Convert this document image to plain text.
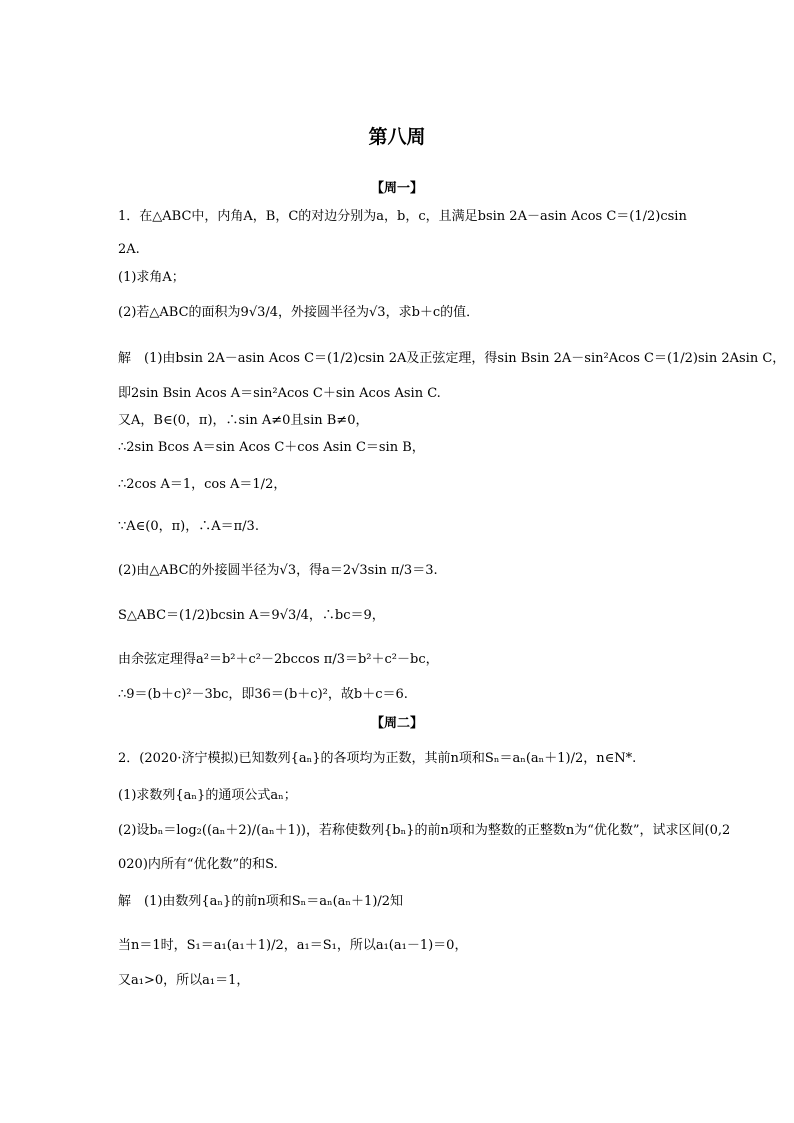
第八周
【周一】
1．在△ABC中，内角A，B，C的对边分别为a，b，c，且满足bsin 2A－asin Acos C＝(1/2)csin
2A.
(1)求角A；
(2)若△ABC的面积为9√3/4，外接圆半径为√3，求b＋c的值．
解　(1)由bsin 2A－asin Acos C＝(1/2)csin 2A及正弦定理，得sin Bsin 2A－sin²Acos C＝(1/2)sin 2Asin C，
即2sin Bsin Acos A＝sin²Acos C＋sin Acos Asin C.
又A，B∈(0，π)，∴sin A≠0且sin B≠0，
∴2sin Bcos A＝sin Acos C＋cos Asin C＝sin B，
∴2cos A＝1，cos A＝1/2，
∵A∈(0，π)，∴A＝π/3.
(2)由△ABC的外接圆半径为√3，得a＝2√3sin π/3＝3.
S△ABC＝(1/2)bcsin A＝9√3/4，∴bc＝9，
由余弦定理得a²＝b²＋c²－2bccos π/3＝b²＋c²－bc，
∴9＝(b＋c)²－3bc，即36＝(b＋c)²，故b＋c＝6.
【周二】
2．(2020·济宁模拟)已知数列{aₙ}的各项均为正数，其前n项和Sₙ＝aₙ(aₙ＋1)/2，n∈N*.
(1)求数列{aₙ}的通项公式aₙ；
(2)设bₙ＝log₂((aₙ＋2)/(aₙ＋1))，若称使数列{bₙ}的前n项和为整数的正整数n为“优化数”，试求区间(0,2
020)内所有“优化数”的和S.
解　(1)由数列{aₙ}的前n项和Sₙ＝aₙ(aₙ＋1)/2知
当n＝1时，S₁＝a₁(a₁＋1)/2，a₁＝S₁，所以a₁(a₁－1)＝0，
又a₁>0，所以a₁＝1，
